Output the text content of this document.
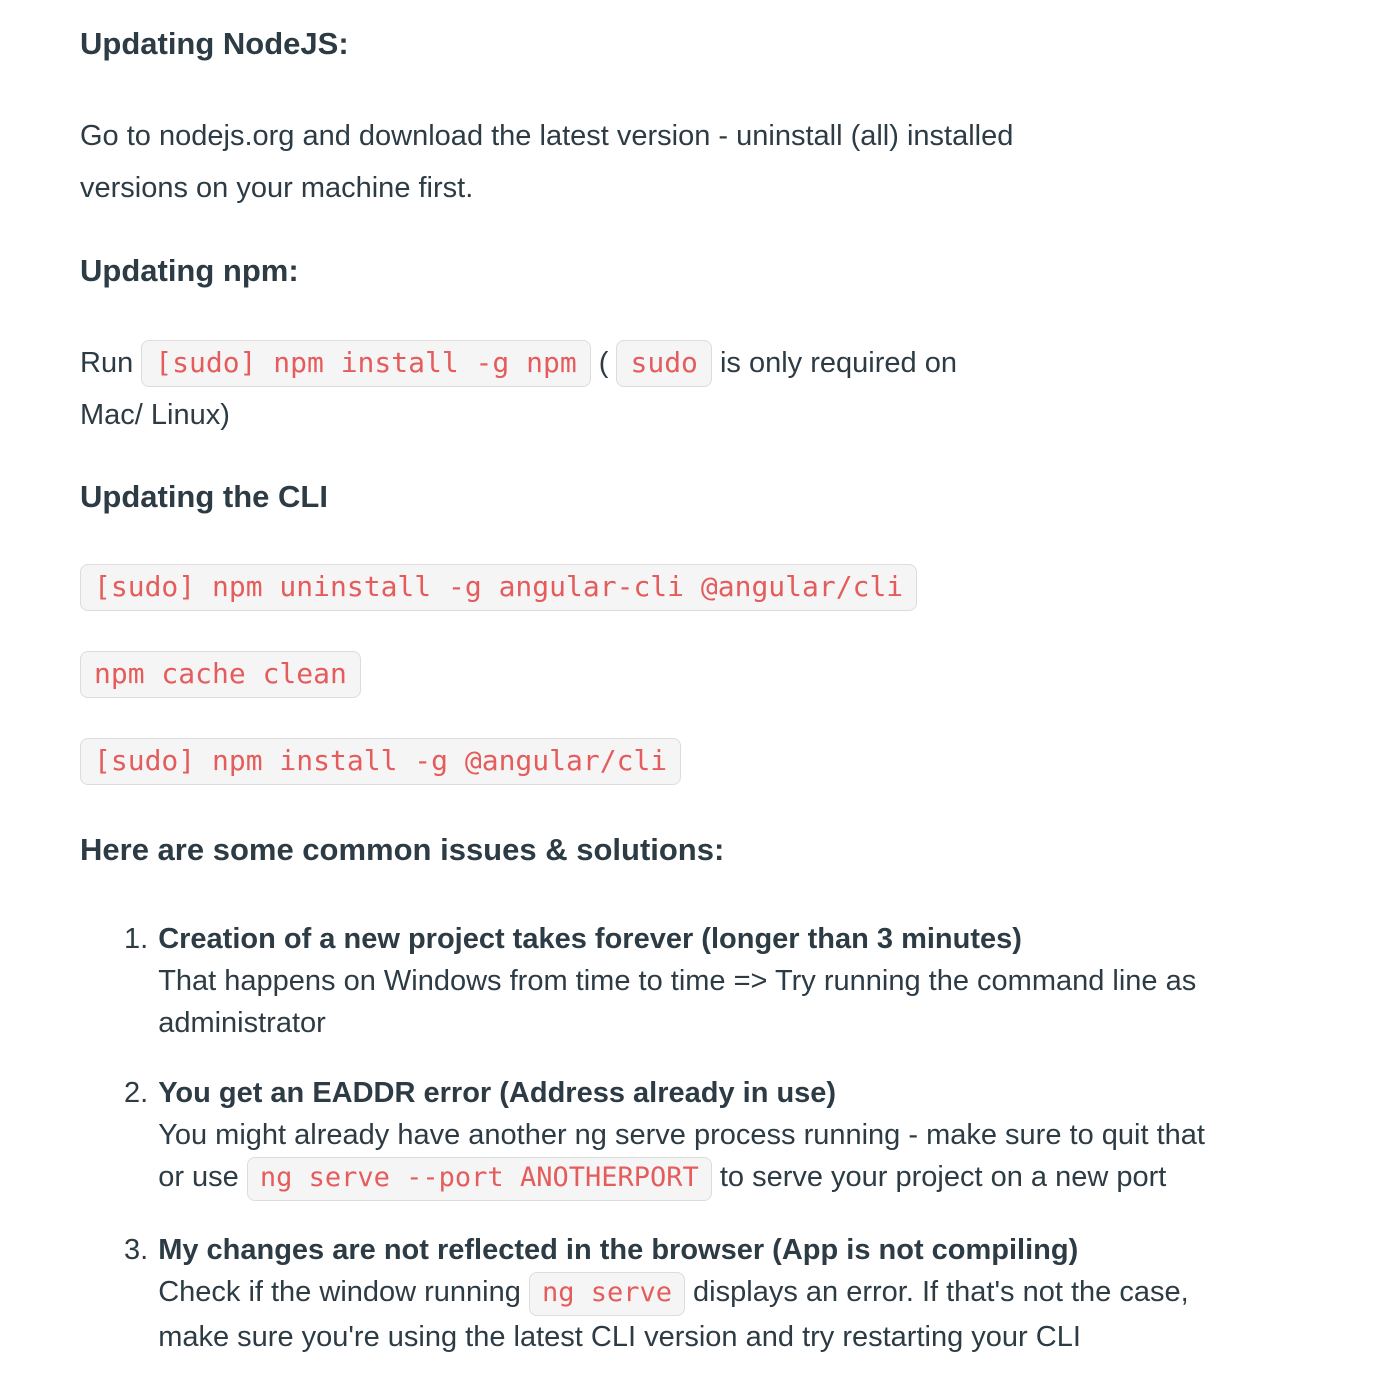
Updating NodeJS:

Go to nodejs.org and download the latest version - uninstall (all) installed
versions on your machine first.

Updating npm:

Run [sudo] npm install -g npm ( sudo is only required on
Mac/ Linux)

Updating the CLI

[sudo] npm uninstall -g angular-cli @angular/cli

npm cache clean

[sudo] npm install -g @angular/cli

Here are some common issues & solutions:
1. Creation of a new project takes forever (longer than 3 minutes)
That happens on Windows from time to time => Try running the command line as
administrator
2. You get an EADDR error (Address already in use)
You might already have another ng serve process running - make sure to quit that
or use ng serve --port ANOTHERPORT to serve your project on a new port
3. My changes are not reflected in the browser (App is not compiling)
Check if the window running ng serve displays an error. If that's not the case,
make sure you're using the latest CLI version and try restarting your CLI
